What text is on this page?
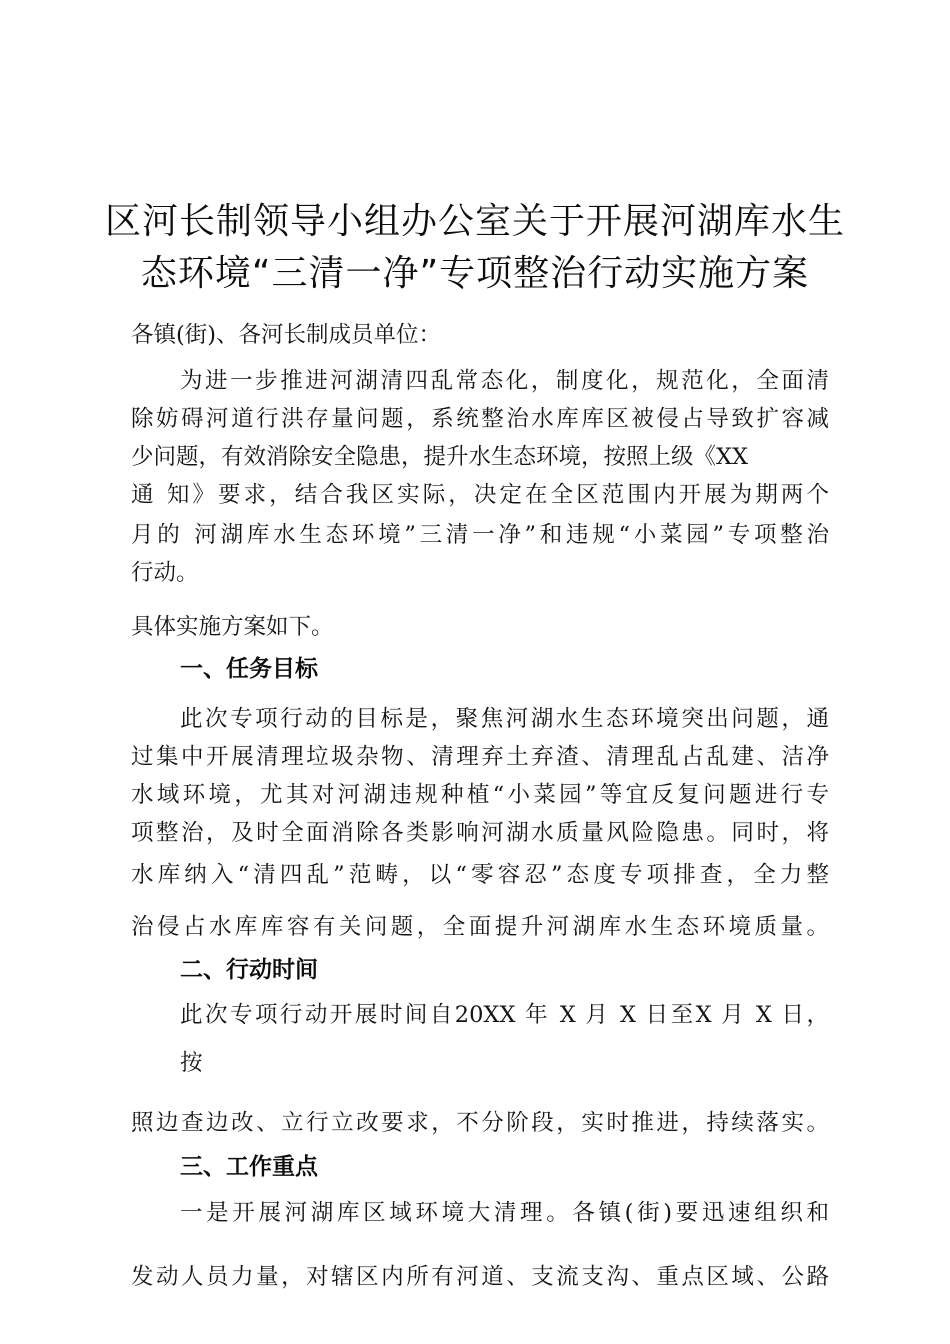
区河长制领导小组办公室关于开展河湖库水生
态环境“三清一净”专项整治行动实施方案
各镇(街)、各河长制成员单位：
为进一步推进河湖清四乱常态化，制度化，规范化，全面清
除妨碍河道行洪存量问题，系统整治水库库区被侵占导致扩容减
少问题，有效消除安全隐患，提升水生态环境，按照上级《XX
通 知》要求，结合我区实际，决定在全区范围内开展为期两个
月的 河湖库水生态环境”三清一净”和违规“小菜园”专项整治
行动。
具体实施方案如下。
一、任务目标
此次专项行动的目标是，聚焦河湖水生态环境突出问题，通
过集中开展清理垃圾杂物、清理弃土弃渣、清理乱占乱建、洁净
水域环境，尤其对河湖违规种植“小菜园”等宜反复问题进行专
项整治，及时全面消除各类影响河湖水质量风险隐患。同时，将
水库纳入“清四乱”范畴，以“零容忍”态度专项排查，全力整
治侵占水库库容有关问题，全面提升河湖库水生态环境质量。
二、行动时间
此次专项行动开展时间自20XX 年 X 月 X 日至X 月 X 日，
按
照边查边改、立行立改要求，不分阶段，实时推进，持续落实。
三、工作重点
一是开展河湖库区域环境大清理。各镇(街)要迅速组织和
发动人员力量，对辖区内所有河道、支流支沟、重点区域、公路
